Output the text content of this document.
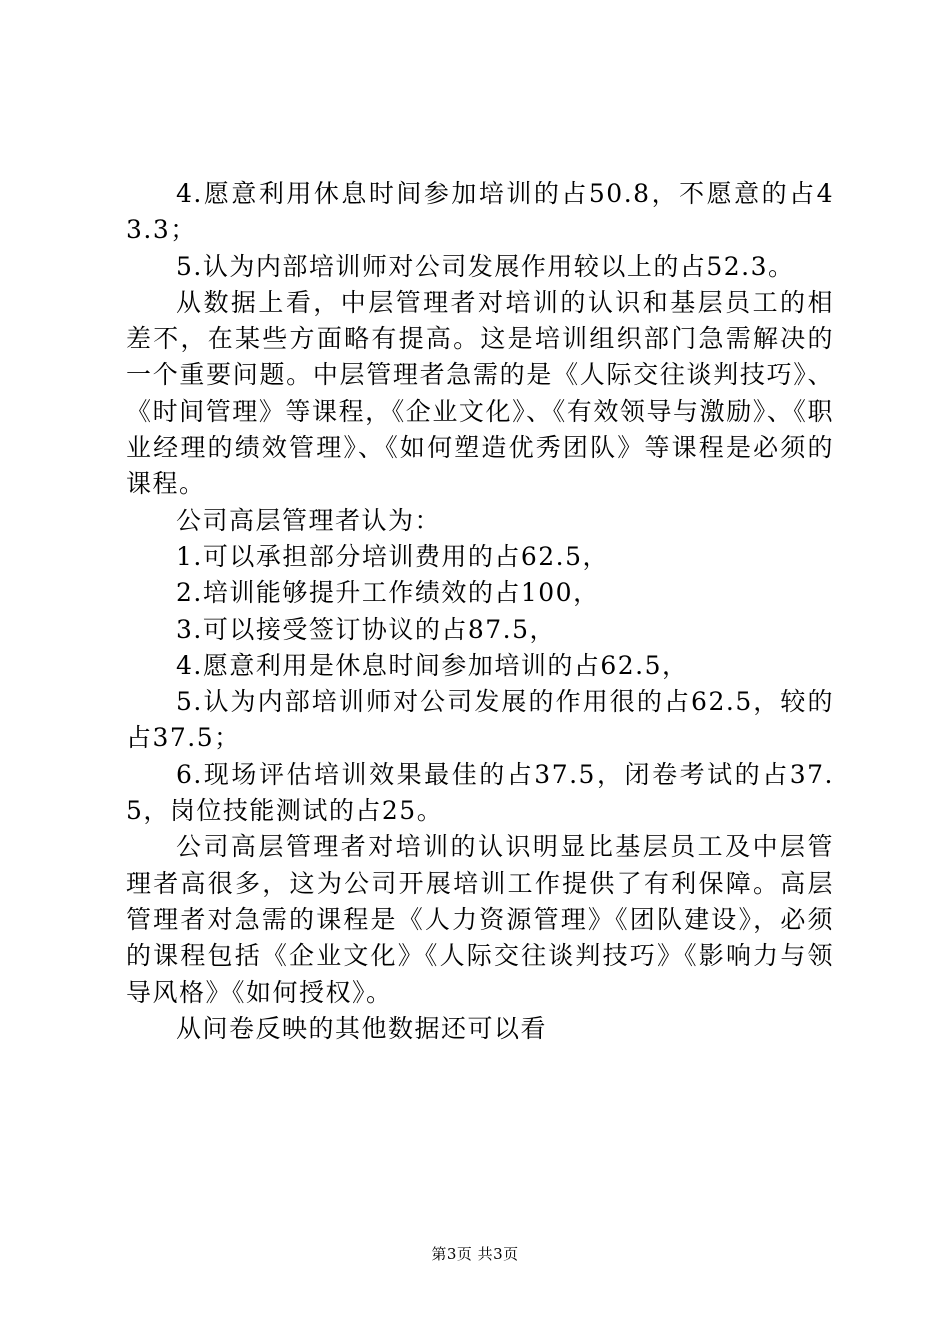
4.愿意利用休息时间参加培训的占50.8，不愿意的占43.3；

5.认为内部培训师对公司发展作用较以上的占52.3。

从数据上看，中层管理者对培训的认识和基层员工的相差不，在某些方面略有提高。这是培训组织部门急需解决的一个重要问题。中层管理者急需的是《人际交往谈判技巧》、《时间管理》等课程，《企业文化》、《有效领导与激励》、《职业经理的绩效管理》、《如何塑造优秀团队》等课程是必须的课程。

公司高层管理者认为：

1.可以承担部分培训费用的占62.5，

2.培训能够提升工作绩效的占100，

3.可以接受签订协议的占87.5，

4.愿意利用是休息时间参加培训的占62.5，

5.认为内部培训师对公司发展的作用很的占62.5，较的占37.5；

6.现场评估培训效果最佳的占37.5，闭卷考试的占37.5，岗位技能测试的占25。

公司高层管理者对培训的认识明显比基层员工及中层管理者高很多，这为公司开展培训工作提供了有利保障。高层管理者对急需的课程是《人力资源管理》《团队建设》，必须的课程包括《企业文化》《人际交往谈判技巧》《影响力与领导风格》《如何授权》。

从问卷反映的其他数据还可以看

第3页 共3页
